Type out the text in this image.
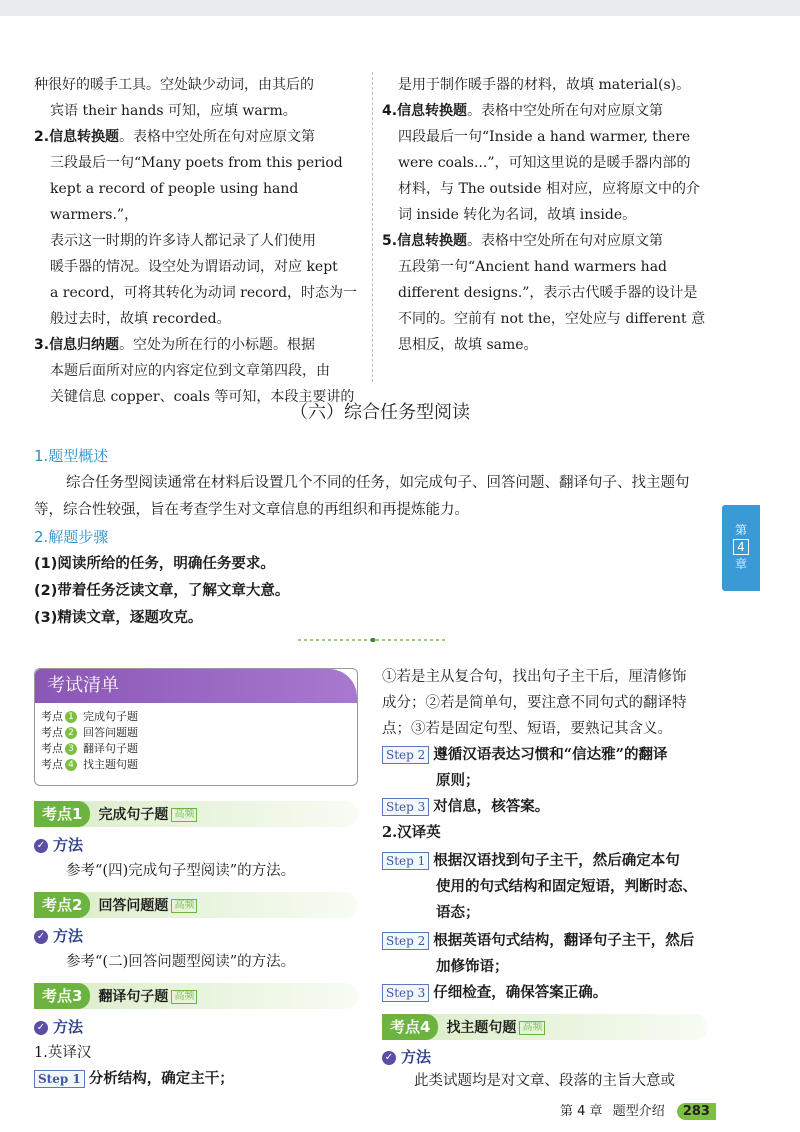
种很好的暖手工具。空处缺少动词，由其后的

宾语 their hands 可知，应填 warm。

2.信息转换题。表格中空处所在句对应原文第

三段最后一句“Many poets from this period

kept a record of people using hand warmers.”，

表示这一时期的许多诗人都记录了人们使用

暖手器的情况。设空处为谓语动词，对应 kept

a record，可将其转化为动词 record，时态为一

般过去时，故填 recorded。

3.信息归纳题。空处为所在行的小标题。根据

本题后面所对应的内容定位到文章第四段，由

关键信息 copper、coals 等可知，本段主要讲的

是用于制作暖手器的材料，故填 material(s)。

4.信息转换题。表格中空处所在句对应原文第

四段最后一句“Inside a hand warmer, there

were coals...”，可知这里说的是暖手器内部的

材料，与 The outside 相对应，应将原文中的介

词 inside 转化为名词，故填 inside。

5.信息转换题。表格中空处所在句对应原文第

五段第一句“Ancient hand warmers had

different designs.”，表示古代暖手器的设计是

不同的。空前有 not the，空处应与 different 意

思相反，故填 same。

（六）综合任务型阅读
1.题型概述
综合任务型阅读通常在材料后设置几个不同的任务，如完成句子、回答问题、翻译句子、找主题句等，综合性较强，旨在考查学生对文章信息的再组织和再提炼能力。
2.解题步骤
(1)阅读所给的任务，明确任务要求。
(2)带着任务泛读文章，了解文章大意。
(3)精读文章，逐题攻克。
第
4
章
考试清单
考点 1 完成句子题
考点 2 回答问题题
考点 3 翻译句子题
考点 4 找主题句题
考点1 完成句子题 高频
✓ 方法
参考“(四)完成句子型阅读”的方法。
考点2 回答问题题 高频
✓ 方法
参考“(二)回答问题型阅读”的方法。
考点3 翻译句子题 高频
✓ 方法
1.英译汉
Step 1 分析结构，确定主干；
①若是主从复合句，找出句子主干后，厘清修饰
成分；②若是简单句，要注意不同句式的翻译特
点；③若是固定句型、短语，要熟记其含义。
Step 2 遵循汉语表达习惯和“信达雅”的翻译
原则；
Step 3 对信息，核答案。
2.汉译英
Step 1 根据汉语找到句子主干，然后确定本句
使用的句式结构和固定短语，判断时态、
语态；
Step 2 根据英语句式结构，翻译句子主干，然后
加修饰语；
Step 3 仔细检查，确保答案正确。
考点4 找主题句题 高频
✓ 方法
此类试题均是对文章、段落的主旨大意或
第 4 章 题型介绍 283
